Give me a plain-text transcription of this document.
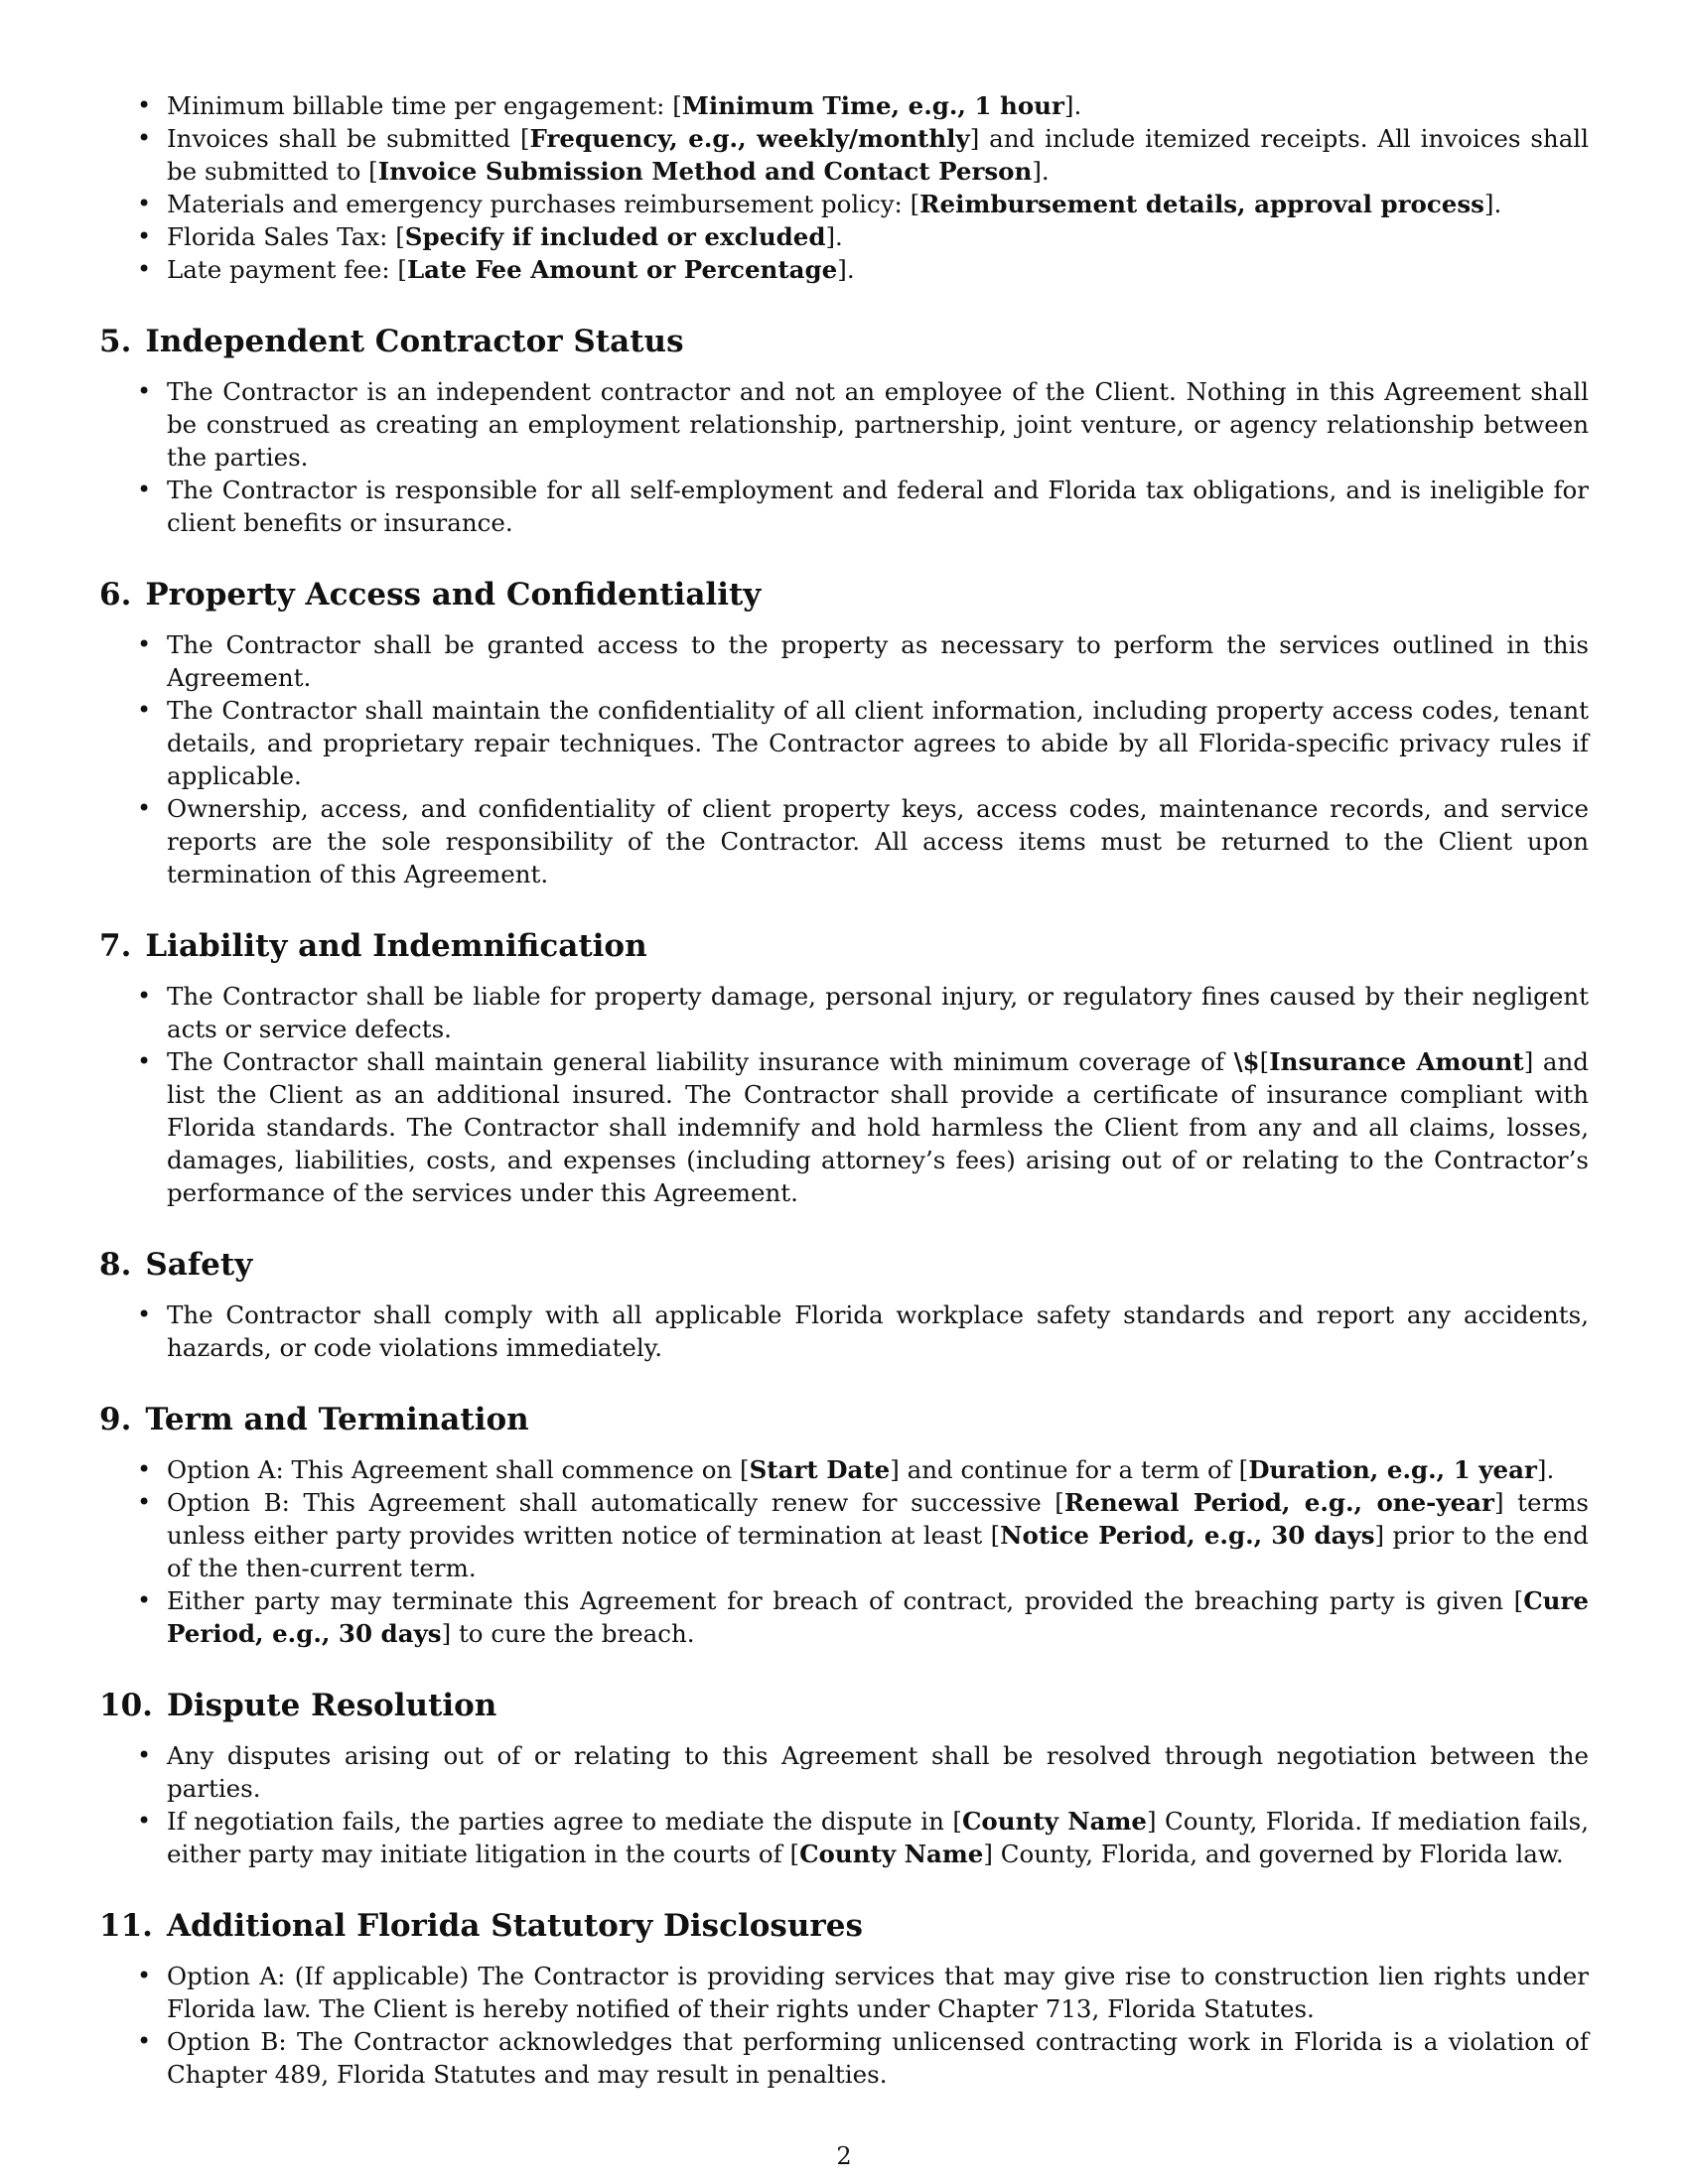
• Minimum billable time per engagement: [Minimum Time, e.g., 1 hour].
• Invoices shall be submitted [Frequency, e.g., weekly/monthly] and include itemized receipts. All invoices shall be submitted to [Invoice Submission Method and Contact Person].
• Materials and emergency purchases reimbursement policy: [Reimbursement details, approval process].
• Florida Sales Tax: [Specify if included or excluded].
• Late payment fee: [Late Fee Amount or Percentage].
5. Independent Contractor Status
• The Contractor is an independent contractor and not an employee of the Client. Nothing in this Agreement shall be construed as creating an employment relationship, partnership, joint venture, or agency relationship between the parties.
• The Contractor is responsible for all self-employment and federal and Florida tax obligations, and is ineligible for client benefits or insurance.
6. Property Access and Confidentiality
• The Contractor shall be granted access to the property as necessary to perform the services outlined in this Agreement.
• The Contractor shall maintain the confidentiality of all client information, including property access codes, tenant details, and proprietary repair techniques. The Contractor agrees to abide by all Florida-specific privacy rules if applicable.
• Ownership, access, and confidentiality of client property keys, access codes, maintenance records, and service reports are the sole responsibility of the Contractor. All access items must be returned to the Client upon termination of this Agreement.
7. Liability and Indemnification
• The Contractor shall be liable for property damage, personal injury, or regulatory fines caused by their negligent acts or service defects.
• The Contractor shall maintain general liability insurance with minimum coverage of \$[Insurance Amount] and list the Client as an additional insured. The Contractor shall provide a certificate of insurance compliant with Florida standards. The Contractor shall indemnify and hold harmless the Client from any and all claims, losses, damages, liabilities, costs, and expenses (including attorney’s fees) arising out of or relating to the Contractor’s performance of the services under this Agreement.
8. Safety
• The Contractor shall comply with all applicable Florida workplace safety standards and report any accidents, hazards, or code violations immediately.
9. Term and Termination
• Option A: This Agreement shall commence on [Start Date] and continue for a term of [Duration, e.g., 1 year].
• Option B: This Agreement shall automatically renew for successive [Renewal Period, e.g., one-year] terms unless either party provides written notice of termination at least [Notice Period, e.g., 30 days] prior to the end of the then-current term.
• Either party may terminate this Agreement for breach of contract, provided the breaching party is given [Cure Period, e.g., 30 days] to cure the breach.
10. Dispute Resolution
• Any disputes arising out of or relating to this Agreement shall be resolved through negotiation between the parties.
• If negotiation fails, the parties agree to mediate the dispute in [County Name] County, Florida. If mediation fails, either party may initiate litigation in the courts of [County Name] County, Florida, and governed by Florida law.
11. Additional Florida Statutory Disclosures
• Option A: (If applicable) The Contractor is providing services that may give rise to construction lien rights under Florida law. The Client is hereby notified of their rights under Chapter 713, Florida Statutes.
• Option B: The Contractor acknowledges that performing unlicensed contracting work in Florida is a violation of Chapter 489, Florida Statutes and may result in penalties.
2
